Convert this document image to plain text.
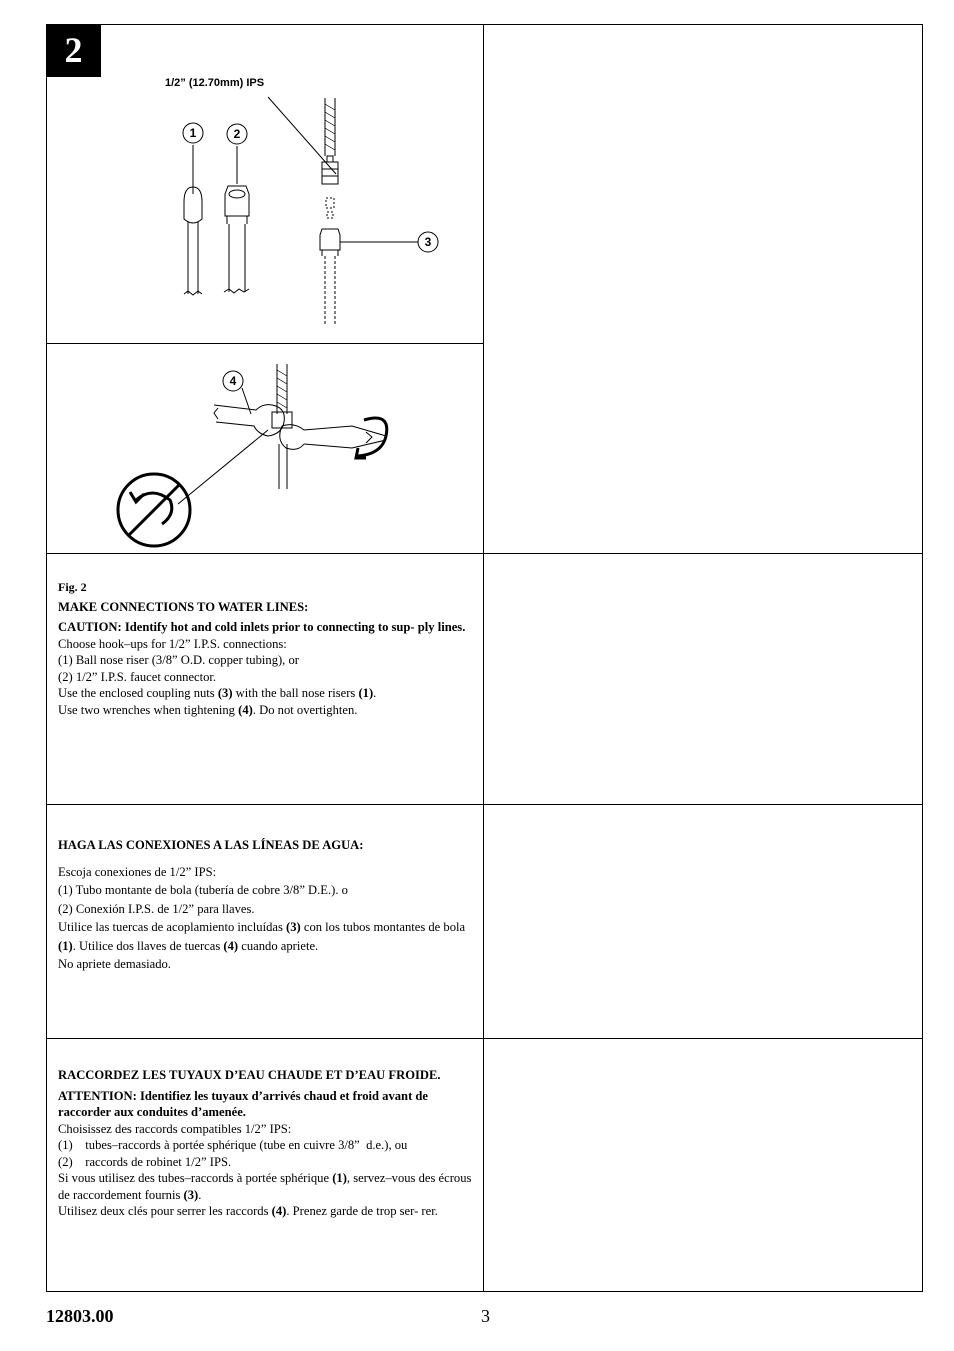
2
1/2” (12.70mm) IPS
1	2
3
4

Fig. 2

MAKE CONNECTIONS TO WATER LINES:

CAUTION: Identify hot and cold inlets prior to connecting to sup- ply lines.

Choose hook–ups for 1/2” I.P.S. connections:

(1) Ball nose riser (3/8” O.D. copper tubing), or

(2) 1/2” I.P.S. faucet connector.

Use the enclosed coupling nuts (3) with the ball nose risers (1).

Use two wrenches when tightening (4). Do not overtighten.

HAGA LAS CONEXIONES A LAS LÍNEAS DE AGUA:

Escoja conexiones de 1/2” IPS:

(1) Tubo montante de bola (tubería de cobre 3/8” D.E.). o

(2) Conexión I.P.S. de 1/2” para llaves.

Utilice las tuercas de acoplamiento incluídas (3) con los tubos montantes de bola (1). Utilice dos llaves de tuercas (4) cuando apriete.

No apriete demasiado.

RACCORDEZ LES TUYAUX D’EAU CHAUDE ET D’EAU FROIDE.

ATTENTION: Identifiez les tuyaux d’arrivés chaud et froid avant de raccorder aux conduites d’amenée.

Choisissez des raccords compatibles 1/2” IPS:

(1)    tubes–raccords à portée sphérique (tube en cuivre 3/8”  d.e.), ou

(2)    raccords de robinet 1/2” IPS.

Si vous utilisez des tubes–raccords à portée sphérique (1), servez–vous des écrous de raccordement fournis (3).

Utilisez deux clés pour serrer les raccords (4). Prenez garde de trop ser- rer.

12803.00	3
